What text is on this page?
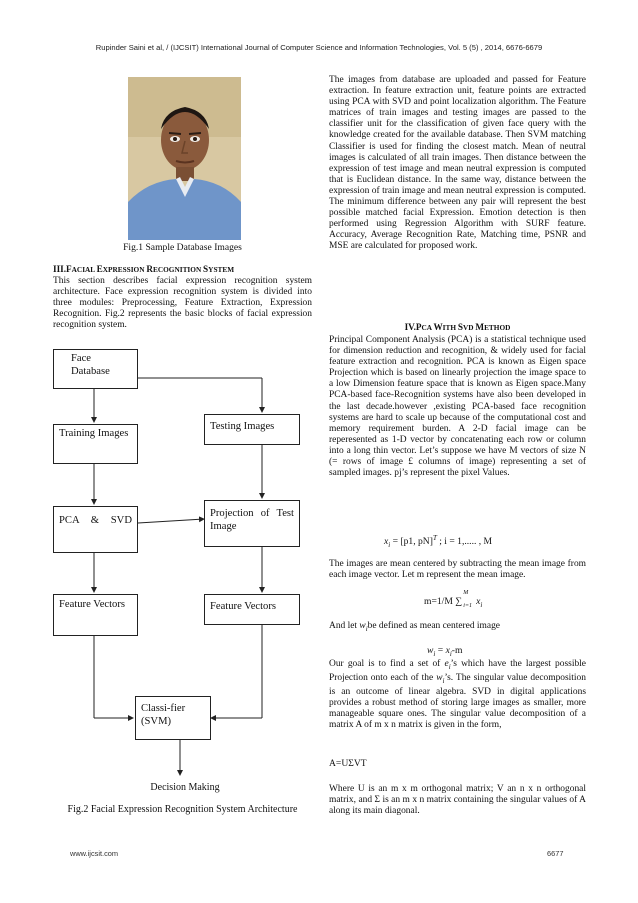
Rupinder Saini et al, / (IJCSIT) International Journal of Computer Science and Information Technologies, Vol. 5 (5) , 2014, 6676-6679
Fig.1 Sample Database Images

III.FACIAL EXPRESSION RECOGNITION SYSTEM

This section describes facial expression recognition system architecture. Face expression recognition system is divided into three modules: Preprocessing, Feature Extraction, Expression Recognition. Fig.2 represents the basic blocks of facial expression recognition system.

Face Database
Training Images
Testing Images
PCA & SVD
Projection of Test Image
Feature Vectors	Feature Vectors
Classi-fier (SVM)
Decision Making
Fig.2 Facial Expression Recognition System Architecture

The images from database are uploaded and passed for Feature extraction. In feature extraction unit, feature points are extracted using PCA with SVD and point localization algorithm. The Feature matrices of train images and testing images are passed to the classifier unit for the classification of given face query with the knowledge created for the available database. Then SVM matching Classifier is used for finding the closest match. Mean of neutral images is calculated of all train images. Then distance between the expression of test image and mean neutral expression is computed that is Euclidean distance. In the same way, distance between the expression of train image and mean neutral expression is computed. The minimum difference between any pair will represent the best possible matched facial Expression. Emotion detection is then performed using Regression Algorithm with SURF feature. Accuracy, Average Recognition Rate, Matching time, PSNR and MSE are calculated for proposed work.

IV.PCA WITH SVD METHOD

Principal Component Analysis (PCA) is a statistical technique used for dimension reduction and recognition, & widely used for facial feature extraction and recognition. PCA is known as Eigen space Projection which is based on linearly projection the image space to a low Dimension feature space that is known as Eigen space.Many PCA-based face-Recognition systems have also been developed in the last decade.however ,existing PCA-based face recognition systems are hard to scale up because of the computational cost and memory requirement burden. A 2-D facial image can be reperesented as 1-D vector by concatenating each row or column into a long thin vector. Let’s suppose we have M vectors of size N (= rows of image £ columns of image) representing a set of sampled images. pj’s represent the pixel Values.

$x_i = [p1$, pN]$^T$ ; i = 1,..... , M

The images are mean centered by subtracting the mean image from each image vector. Let m represent the mean image.

m=1/M ∑
M
i=1 $x_i$

And let $w_ibe$ defined as mean centered image

$w_i = x_i-m$

Our goal is to find a set of $e_i’s$ which have the largest possible Projection onto each of the $w_i’s$. The singular value decomposition is an outcome of linear algebra. SVD in digital applications provides a robust method of storing large images as smaller, more manageable square ones. The singular value decomposition of a matrix A of m x n matrix is given in the form,

A=UΣVT

Where U is an m x m orthogonal matrix; V an n x n orthogonal matrix, and Σ is an m x n matrix containing the singular values of A along its main diagonal.

www.ijcsit.com	6677
